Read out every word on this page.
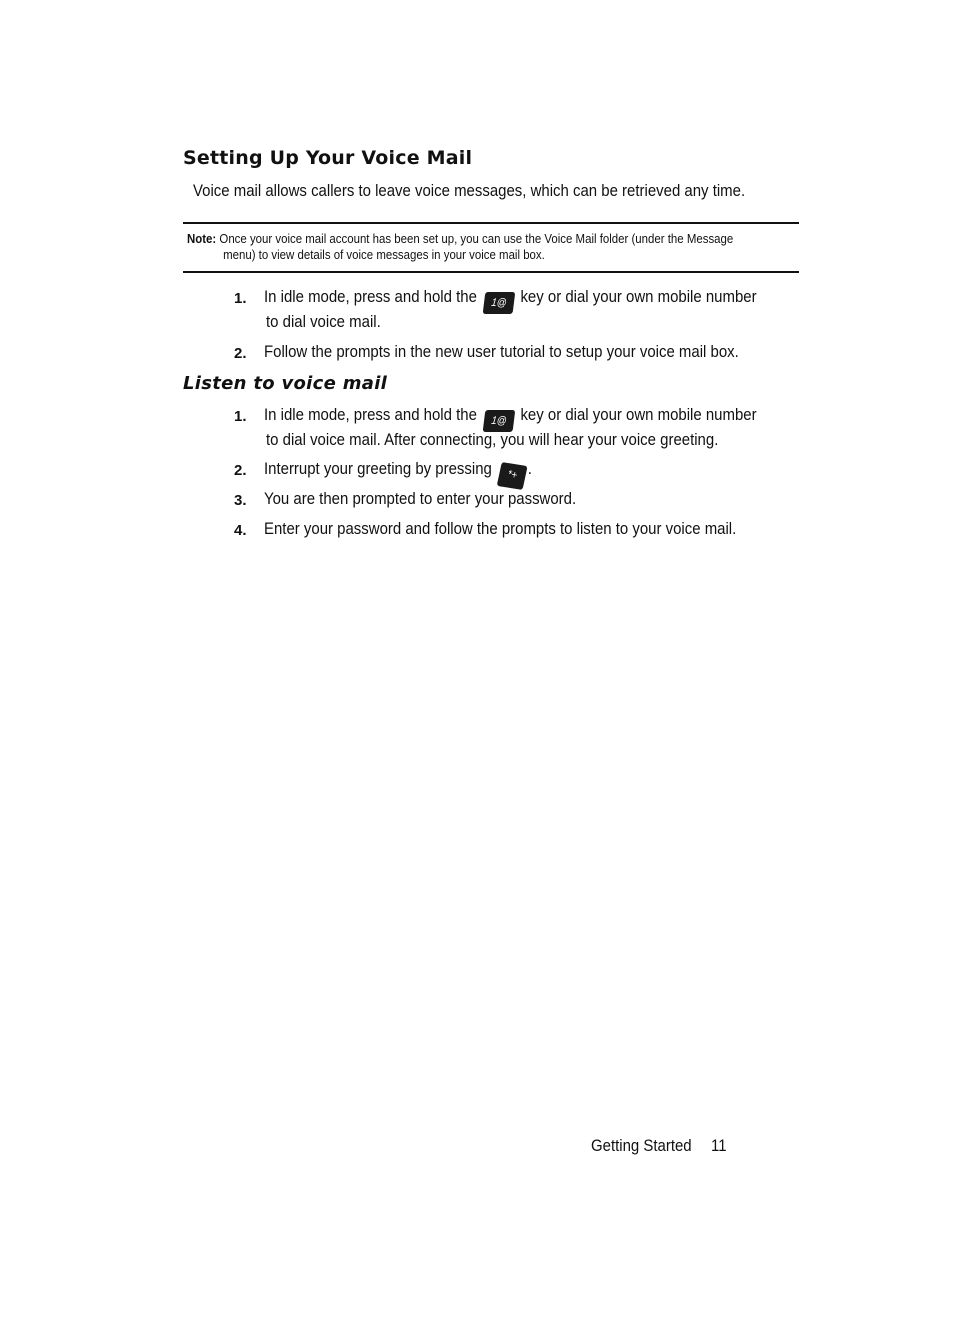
Setting Up Your Voice Mail
Voice mail allows callers to leave voice messages, which can be retrieved any time.
Note: Once your voice mail account has been set up, you can use the Voice Mail folder (under the Message
menu) to view details of voice messages in your voice mail box.
1. In idle mode, press and hold the 1@ key or dial your own mobile number
to dial voice mail.
2. Follow the prompts in the new user tutorial to setup your voice mail box.
Listen to voice mail
1. In idle mode, press and hold the 1@ key or dial your own mobile number
to dial voice mail. After connecting, you will hear your voice greeting.
2. Interrupt your greeting by pressing *+ .
3. You are then prompted to enter your password.
4. Enter your password and follow the prompts to listen to your voice mail.
Getting Started 11
